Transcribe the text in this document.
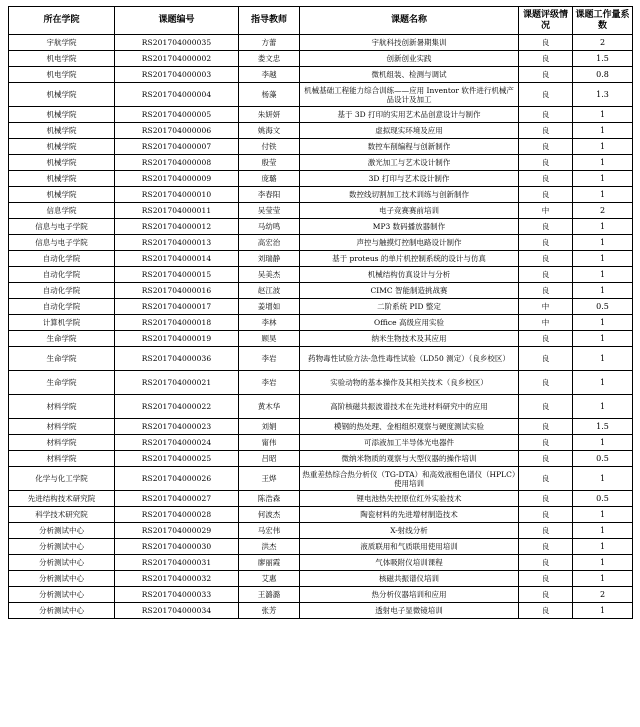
所在学院	课题编号	指导教师	课题名称	课题评级情况	课题工作量系数
宇航学院	RS201704000035	方蕾	宇航科技创新暑期集训	良	2
机电学院	RS201704000002	娄文忠	创新创业实践	良	1.5
机电学院	RS201704000003	李越	微机组装、检测与调试	良	0.8
机械学院	RS201704000004	杨藻	机械基础工程能力综合训练——应用 Inventor 软件进行机械产品设计及加工	良	1.3
机械学院	RS201704000005	朱妍妍	基于 3D 打印的实用艺术品创意设计与制作	良	1
机械学院	RS201704000006	姚海文	虚拟现实环境及应用	良	1
机械学院	RS201704000007	付铁	数控车削编程与创新制作	良	1
机械学院	RS201704000008	殷莹	激光加工与艺术设计制作	良	1
机械学院	RS201704000009	庞璐	3D 打印与艺术设计制作	良	1
机械学院	RS201704000010	李春阳	数控线切割加工技术训练与创新制作	良	1
信息学院	RS201704000011	吴莹莹	电子竞赛赛前培训	中	2
信息与电子学院	RS201704000012	马幼鸣	MP3 数码播放器制作	良	1
信息与电子学院	RS201704000013	高宏治	声控与触摸灯控制电路设计制作	良	1
自动化学院	RS201704000014	刘瑞静	基于 proteus 的单片机控制系统的设计与仿真	良	1
自动化学院	RS201704000015	吴美杰	机械结构仿真设计与分析	良	1
自动化学院	RS201704000016	赵江波	CIMC 智能制造挑战赛	良	1
自动化学院	RS201704000017	姜增如	二阶系统 PID 整定	中	0.5
计算机学院	RS201704000018	李林	Office 高级应用实验	中	1
生命学院	RS201704000019	顾昊	纳米生物技术及其应用	良	1
生命学院	RS201704000036	李岩	药物毒性试验方法-急性毒性试验（LD50 测定）（良乡校区）	良	1
生命学院	RS201704000021	李岩	实验动物的基本操作及其相关技术（良乡校区）	良	1
材料学院	RS201704000022	黄木华	高阶核磁共振波谱技术在先进材料研究中的应用	良	1
材料学院	RS201704000023	刘娟	模钢的热处理、金相组织观察与硬度测试实验	良	1.5
材料学院	RS201704000024	甯伟	可添液加工半导体光电器件	良	1
材料学院	RS201704000025	吕昭	微纳米物质的观察与大型仪器的操作培训	良	0.5
化学与化工学院	RS201704000026	王烨	热重差热综合热分析仪（TG-DTA）和高效液相色谱仪（HPLC）使用培训	良	1
先进结构技术研究院	RS201704000027	陈浩森	锂电池热失控原位红外实验技术	良	0.5
科学技术研究院	RS201704000028	何波杰	陶瓷材料的先进增材制造技术	良	1
分析测试中心	RS201704000029	马宏伟	X-射线分析	良	1
分析测试中心	RS201704000030	洪杰	液质联用和气质联用使用培训	良	1
分析测试中心	RS201704000031	廖丽霞	气体吸附仪培训课程	良	1
分析测试中心	RS201704000032	艾惠	核磁共振谱仪培训	良	1
分析测试中心	RS201704000033	王潞潞	热分析仪器培训和应用	良	2
分析测试中心	RS201704000034	张芳	透射电子显微镜培训	良	1
